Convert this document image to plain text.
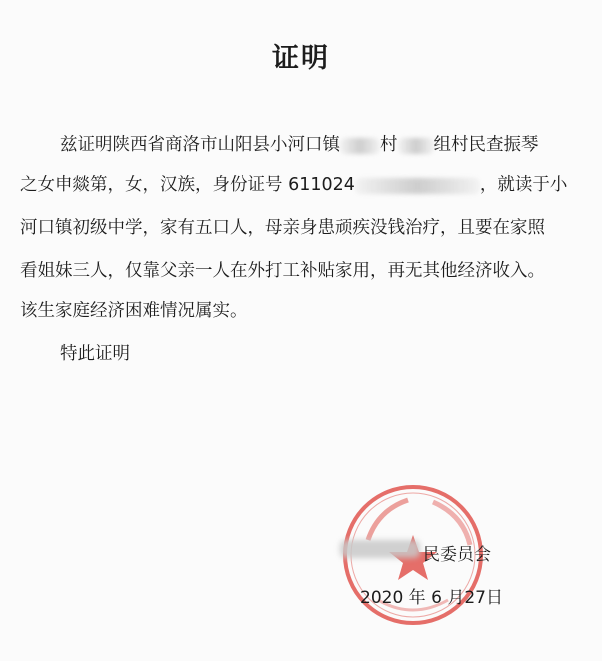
证明
兹证明陕西省商洛市山阳县小河口镇 村 组村民查振琴
之女申燚第，女，汉族，身份证号 611024	，就读于小
河口镇初级中学，家有五口人，母亲身患顽疾没钱治疗，且要在家照
看姐妹三人，仅靠父亲一人在外打工补贴家用，再无其他经济收入。
该生家庭经济困难情况属实。
特此证明
民委员会
2020 年 6 月27日
